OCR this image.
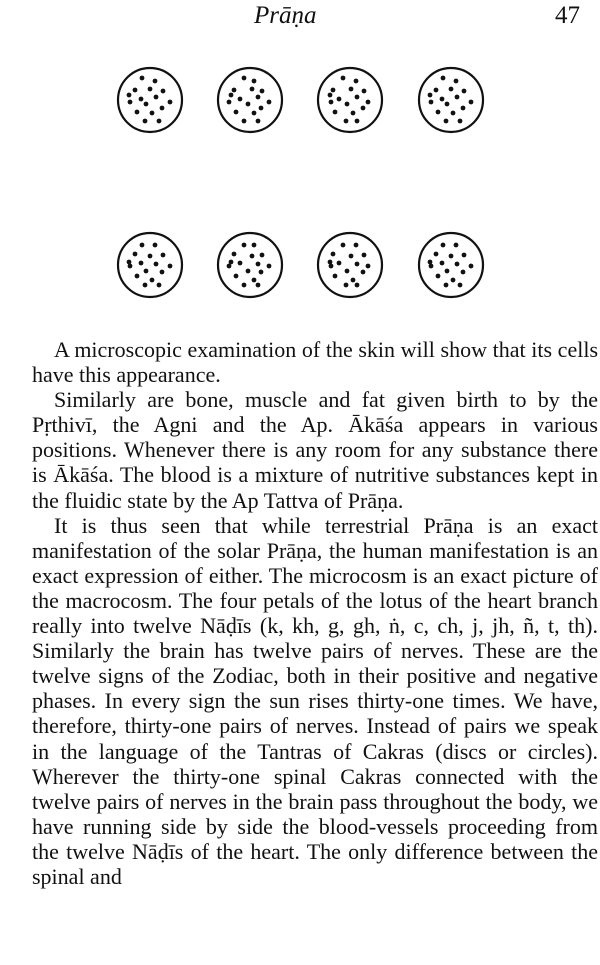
Prāṇa	47

A microscopic examination of the skin will show that its cells have this appearance.

Similarly are bone, muscle and fat given birth to by the Pṛthivī, the Agni and the Ap. Ākāśa appears in various positions. Whenever there is any room for any substance there is Ākāśa. The blood is a mixture of nutritive substances kept in the fluidic state by the Ap Tattva of Prāṇa.

It is thus seen that while terrestrial Prāṇa is an exact manifestation of the solar Prāṇa, the human manifestation is an exact expression of either. The microcosm is an exact picture of the macrocosm. The four petals of the lotus of the heart branch really into twelve Nāḍīs (k, kh, g, gh, ṅ, c, ch, j, jh, ñ, t, th). Similarly the brain has twelve pairs of nerves. These are the twelve signs of the Zodiac, both in their positive and negative phases. In every sign the sun rises thirty-one times. We have, therefore, thirty-one pairs of nerves. Instead of pairs we speak in the language of the Tantras of Cakras (discs or circles). Wherever the thirty-one spinal Cakras connected with the twelve pairs of nerves in the brain pass throughout the body, we have running side by side the blood-vessels proceeding from the twelve Nāḍīs of the heart. The only difference between the spinal and
